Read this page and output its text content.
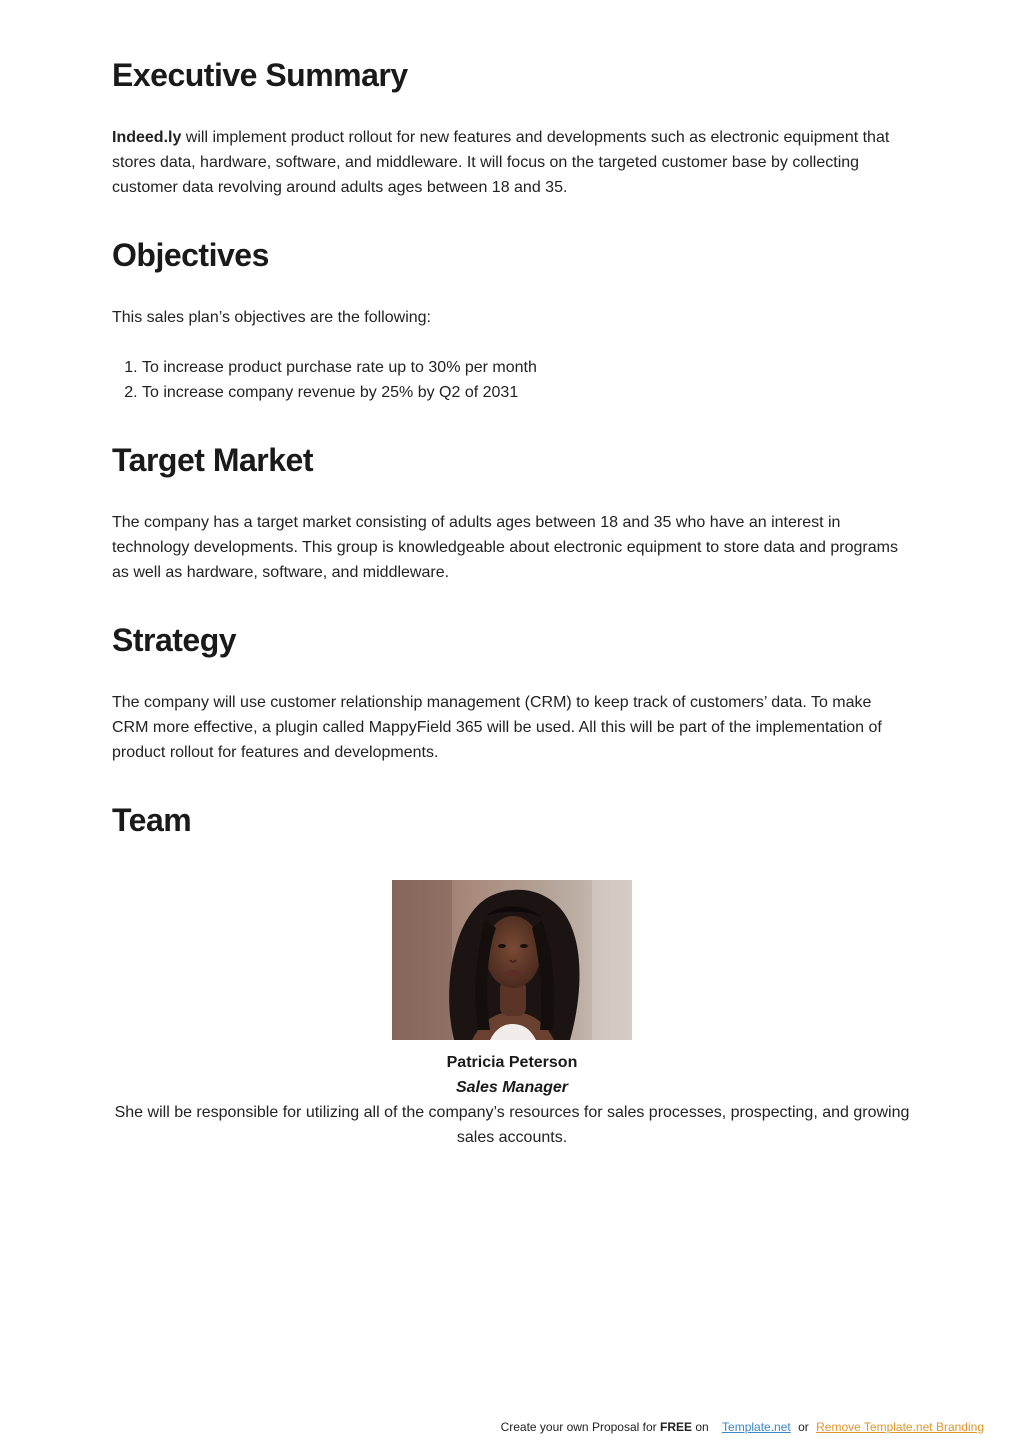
Executive Summary

Indeed.ly will implement product rollout for new features and developments such as electronic equipment that stores data, hardware, software, and middleware. It will focus on the targeted customer base by collecting customer data revolving around adults ages between 18 and 35.

Objectives

This sales plan’s objectives are the following:

1. To increase product purchase rate up to 30% per month
2. To increase company revenue by 25% by Q2 of 2031
Target Market

The company has a target market consisting of adults ages between 18 and 35 who have an interest in technology developments. This group is knowledgeable about electronic equipment to store data and programs as well as hardware, software, and middleware.

Strategy

The company will use customer relationship management (CRM) to keep track of customers’ data. To make CRM more effective, a plugin called MappyField 365 will be used. All this will be part of the implementation of product rollout for features and developments.

Team
Patricia Peterson
Sales Manager
She will be responsible for utilizing all of the company’s resources for sales processes, prospecting, and growing sales accounts.
Create your own Proposal for FREE on Template.net or Remove Template.net Branding
